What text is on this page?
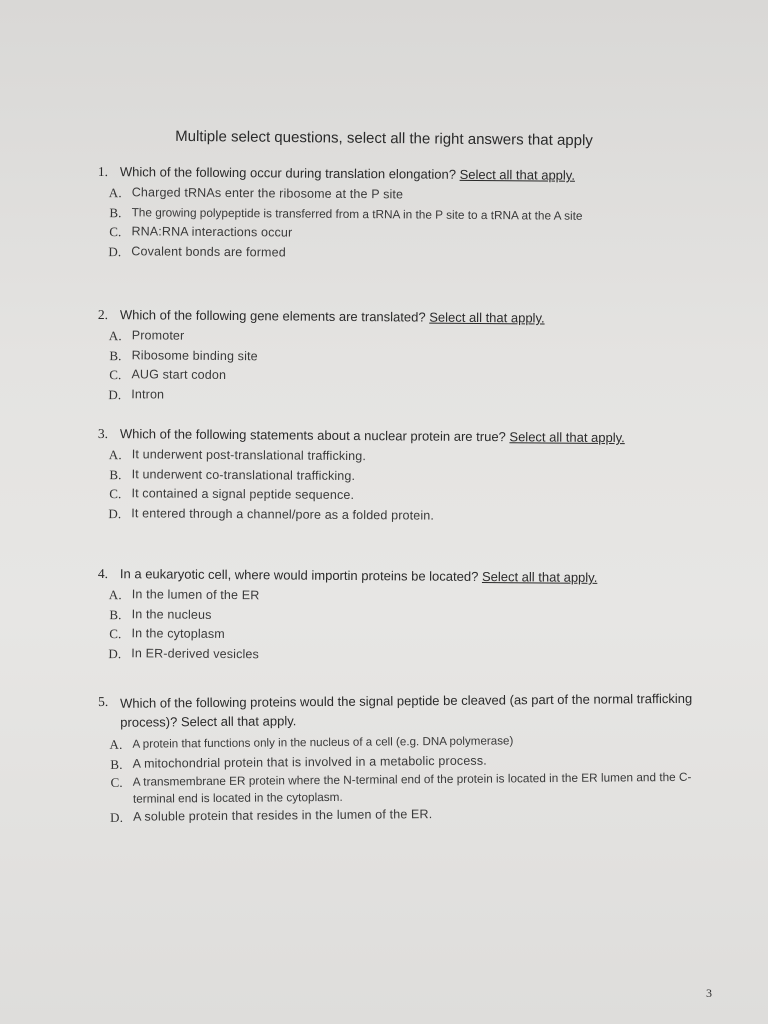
Multiple select questions, select all the right answers that apply
1. Which of the following occur during translation elongation? Select all that apply.
A. Charged tRNAs enter the ribosome at the P site
B. The growing polypeptide is transferred from a tRNA in the P site to a tRNA at the A site
C. RNA:RNA interactions occur
D. Covalent bonds are formed
2. Which of the following gene elements are translated? Select all that apply.
A. Promoter
B. Ribosome binding site
C. AUG start codon
D. Intron
3. Which of the following statements about a nuclear protein are true? Select all that apply.
A. It underwent post-translational trafficking.
B. It underwent co-translational trafficking.
C. It contained a signal peptide sequence.
D. It entered through a channel/pore as a folded protein.
4. In a eukaryotic cell, where would importin proteins be located? Select all that apply.
A. In the lumen of the ER
B. In the nucleus
C. In the cytoplasm
D. In ER-derived vesicles
5. Which of the following proteins would the signal peptide be cleaved (as part of the normal trafficking process)? Select all that apply.
A. A protein that functions only in the nucleus of a cell (e.g. DNA polymerase)
B. A mitochondrial protein that is involved in a metabolic process.
C. A transmembrane ER protein where the N-terminal end of the protein is located in the ER lumen and the C-terminal end is located in the cytoplasm.
D. A soluble protein that resides in the lumen of the ER.
3
